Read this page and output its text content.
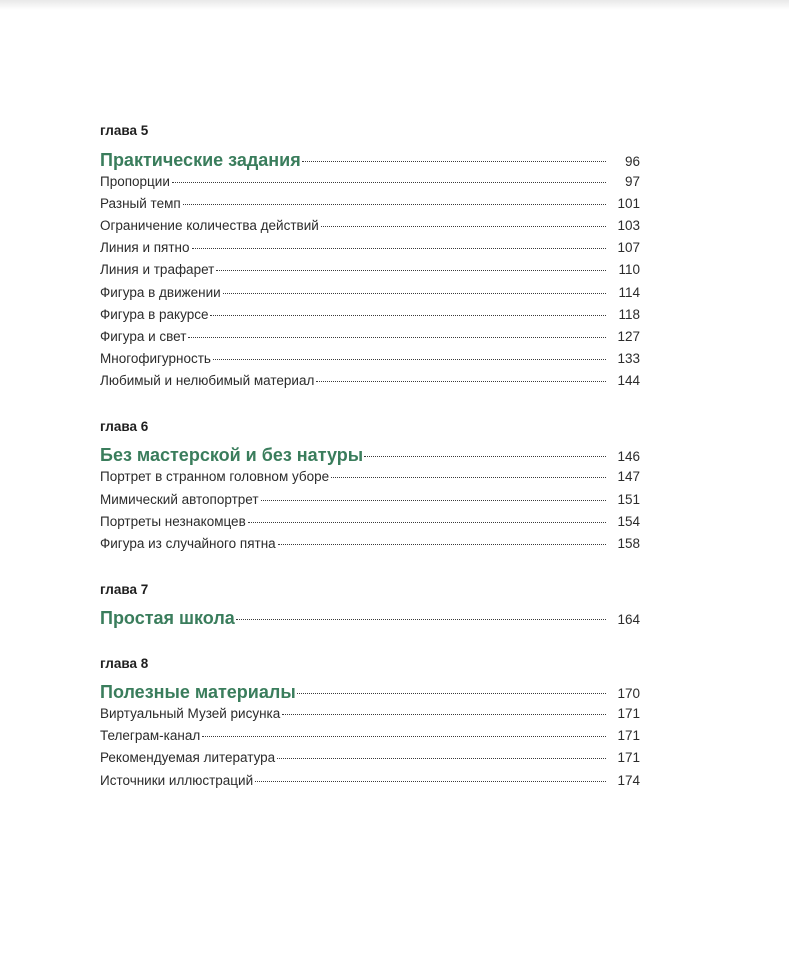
глава 5
Практические задания	96
Пропорции	97
Разный темп	101
Ограничение количества действий	103
Линия и пятно	107
Линия и трафарет	110
Фигура в движении	114
Фигура в ракурсе	118
Фигура и свет	127
Многофигурность	133
Любимый и нелюбимый материал	144
глава 6
Без мастерской и без натуры	146
Портрет в странном головном уборе	147
Мимический автопортрет	151
Портреты незнакомцев	154
Фигура из случайного пятна	158
глава 7
Простая школа	164
глава 8
Полезные материалы	170
Виртуальный Музей рисунка	171
Телеграм-канал	171
Рекомендуемая литература	171
Источники иллюстраций	174
